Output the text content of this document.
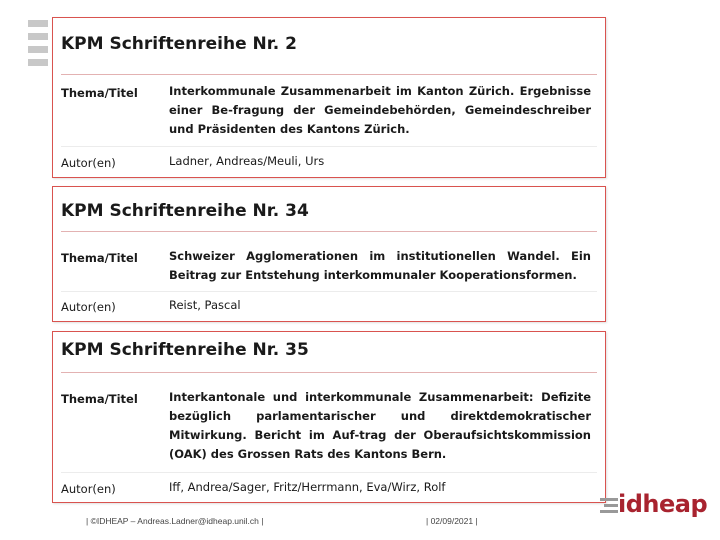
KPM Schriftenreihe Nr. 2
Thema/Titel	Interkommunale Zusammenarbeit im Kanton Zürich. Ergebnisse einer Be-fragung der Gemeindebehörden, Gemeindeschreiber und Präsidenten des Kantons Zürich.
Autor(en)	Ladner, Andreas/Meuli, Urs
KPM Schriftenreihe Nr. 34
Thema/Titel	Schweizer Agglomerationen im institutionellen Wandel. Ein Beitrag zur Entstehung interkommunaler Kooperationsformen.
Autor(en)	Reist, Pascal
KPM Schriftenreihe Nr. 35
Thema/Titel	Interkantonale und interkommunale Zusammenarbeit: Defizite bezüglich parlamentarischer und direktdemokratischer Mitwirkung. Bericht im Auf-trag der Oberaufsichtskommission (OAK) des Grossen Rats des Kantons Bern.
Autor(en)	Iff, Andrea/Sager, Fritz/Herrmann, Eva/Wirz, Rolf
| ©IDHEAP – Andreas.Ladner@idheap.unil.ch |	| 02/09/2021 |
idheap
